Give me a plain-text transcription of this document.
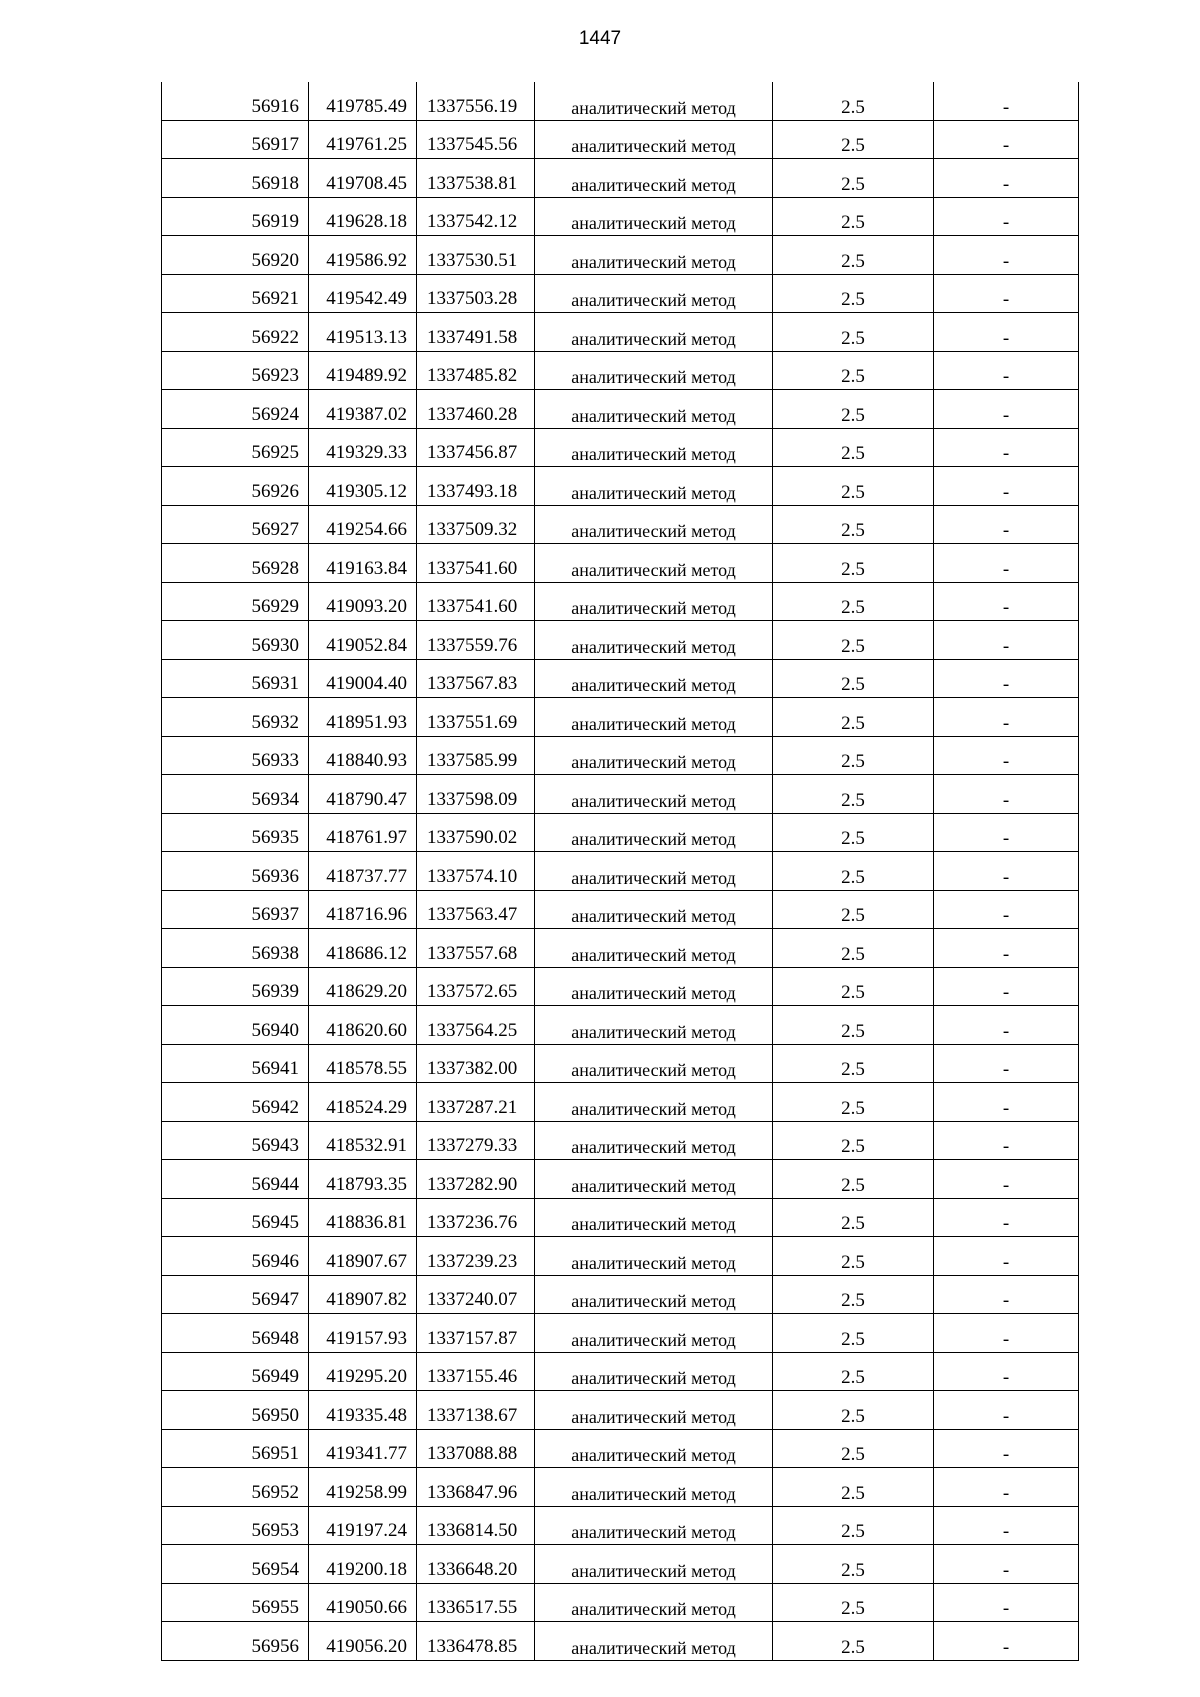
1447
56916	419785.49	1337556.19	аналитический метод	2.5	-
56917	419761.25	1337545.56	аналитический метод	2.5	-
56918	419708.45	1337538.81	аналитический метод	2.5	-
56919	419628.18	1337542.12	аналитический метод	2.5	-
56920	419586.92	1337530.51	аналитический метод	2.5	-
56921	419542.49	1337503.28	аналитический метод	2.5	-
56922	419513.13	1337491.58	аналитический метод	2.5	-
56923	419489.92	1337485.82	аналитический метод	2.5	-
56924	419387.02	1337460.28	аналитический метод	2.5	-
56925	419329.33	1337456.87	аналитический метод	2.5	-
56926	419305.12	1337493.18	аналитический метод	2.5	-
56927	419254.66	1337509.32	аналитический метод	2.5	-
56928	419163.84	1337541.60	аналитический метод	2.5	-
56929	419093.20	1337541.60	аналитический метод	2.5	-
56930	419052.84	1337559.76	аналитический метод	2.5	-
56931	419004.40	1337567.83	аналитический метод	2.5	-
56932	418951.93	1337551.69	аналитический метод	2.5	-
56933	418840.93	1337585.99	аналитический метод	2.5	-
56934	418790.47	1337598.09	аналитический метод	2.5	-
56935	418761.97	1337590.02	аналитический метод	2.5	-
56936	418737.77	1337574.10	аналитический метод	2.5	-
56937	418716.96	1337563.47	аналитический метод	2.5	-
56938	418686.12	1337557.68	аналитический метод	2.5	-
56939	418629.20	1337572.65	аналитический метод	2.5	-
56940	418620.60	1337564.25	аналитический метод	2.5	-
56941	418578.55	1337382.00	аналитический метод	2.5	-
56942	418524.29	1337287.21	аналитический метод	2.5	-
56943	418532.91	1337279.33	аналитический метод	2.5	-
56944	418793.35	1337282.90	аналитический метод	2.5	-
56945	418836.81	1337236.76	аналитический метод	2.5	-
56946	418907.67	1337239.23	аналитический метод	2.5	-
56947	418907.82	1337240.07	аналитический метод	2.5	-
56948	419157.93	1337157.87	аналитический метод	2.5	-
56949	419295.20	1337155.46	аналитический метод	2.5	-
56950	419335.48	1337138.67	аналитический метод	2.5	-
56951	419341.77	1337088.88	аналитический метод	2.5	-
56952	419258.99	1336847.96	аналитический метод	2.5	-
56953	419197.24	1336814.50	аналитический метод	2.5	-
56954	419200.18	1336648.20	аналитический метод	2.5	-
56955	419050.66	1336517.55	аналитический метод	2.5	-
56956	419056.20	1336478.85	аналитический метод	2.5	-
